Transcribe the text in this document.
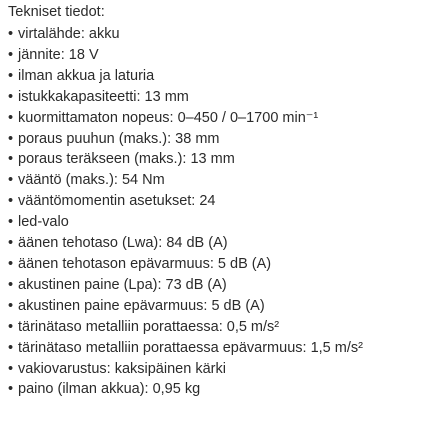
Tekniset tiedot:
• virtalähde: akku
• jännite: 18 V
• ilman akkua ja laturia
• istukkakapasiteetti: 13 mm
• kuormittamaton nopeus: 0–450 / 0–1700 min⁻¹
• poraus puuhun (maks.): 38 mm
• poraus teräkseen (maks.): 13 mm
• vääntö (maks.): 54 Nm
• vääntömomentin asetukset: 24
• led-valo
• äänen tehotaso (Lwa): 84 dB (A)
• äänen tehotason epävarmuus: 5 dB (A)
• akustinen paine (Lpa): 73 dB (A)
• akustinen paine epävarmuus: 5 dB (A)
• tärinätaso metalliin porattaessa: 0,5 m/s²
• tärinätaso metalliin porattaessa epävarmuus: 1,5 m/s²
• vakiovarustus: kaksipäinen kärki
• paino (ilman akkua): 0,95 kg
